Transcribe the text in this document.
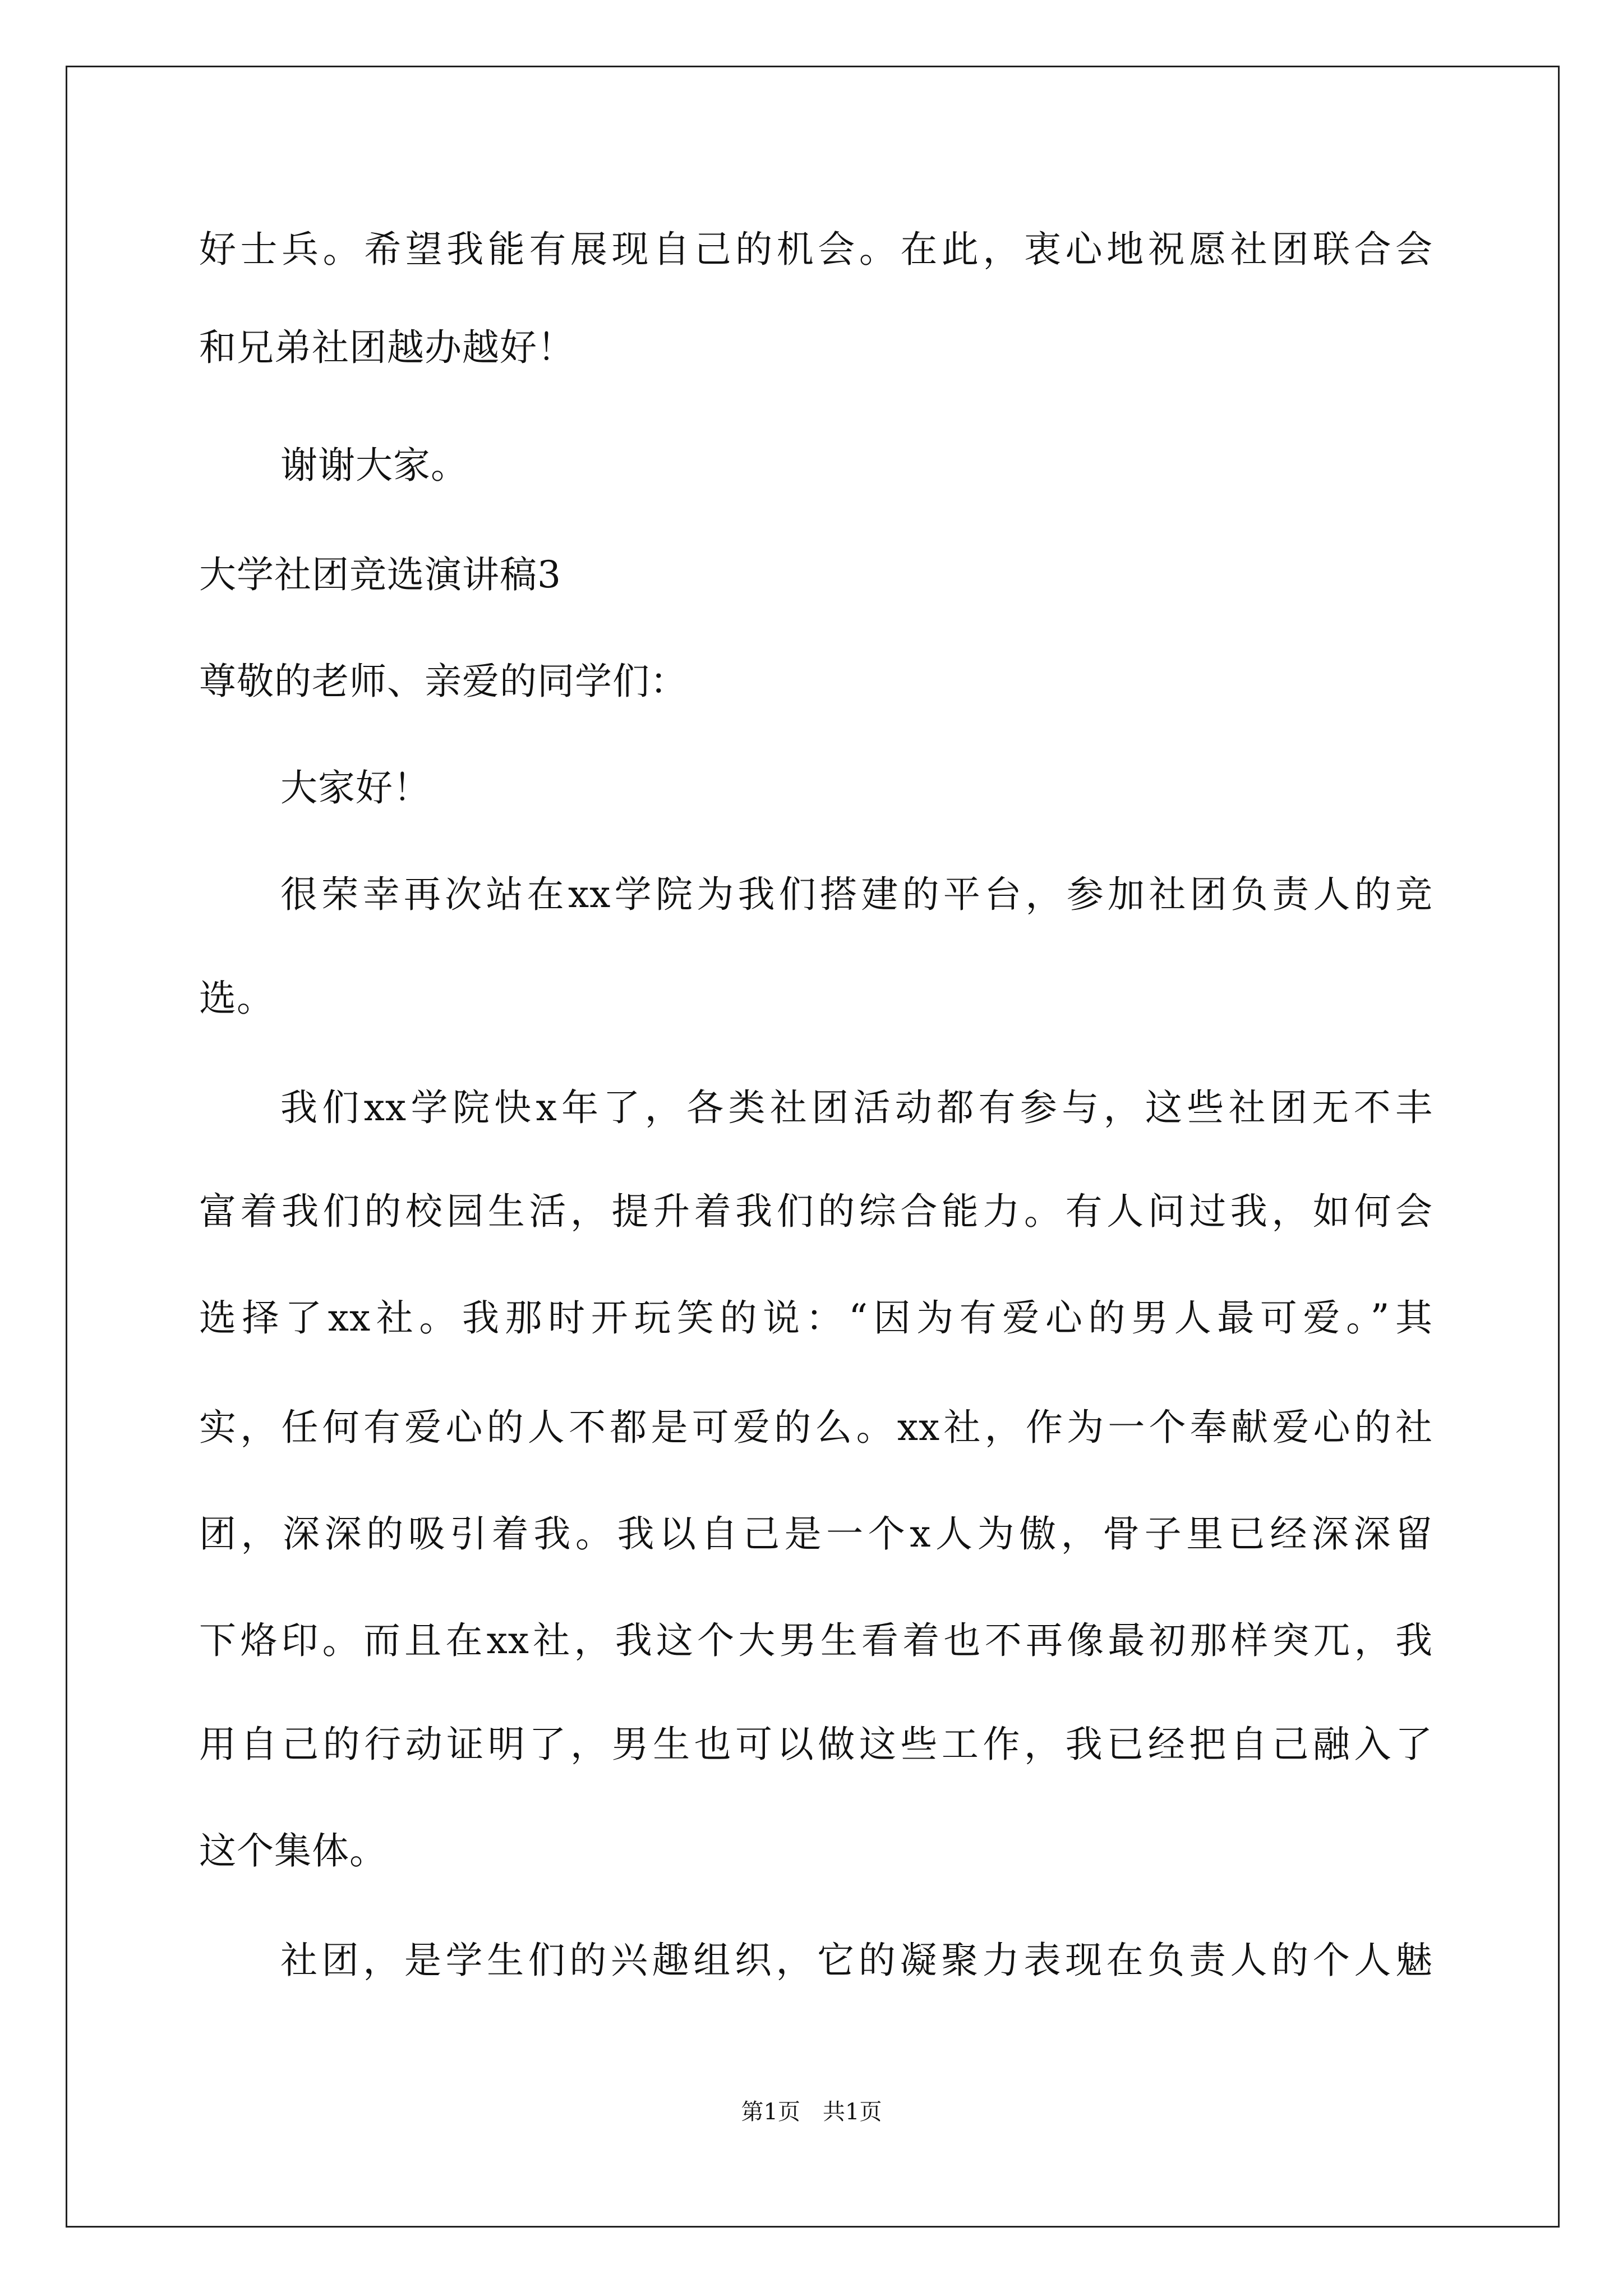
好士兵。希望我能有展现自己的机会。在此，衷心地祝愿社团联合会
和兄弟社团越办越好！
谢谢大家。
大学社团竞选演讲稿3
尊敬的老师、亲爱的同学们：
大家好！
很荣幸再次站在xx学院为我们搭建的平台，参加社团负责人的竞
选。
我们xx学院快x年了，各类社团活动都有参与，这些社团无不丰
富着我们的校园生活，提升着我们的综合能力。有人问过我，如何会
选择了xx社。我那时开玩笑的说：“因为有爱心的男人最可爱。”其
实，任何有爱心的人不都是可爱的么。xx社，作为一个奉献爱心的社
团，深深的吸引着我。我以自己是一个x人为傲，骨子里已经深深留
下烙印。而且在xx社，我这个大男生看着也不再像最初那样突兀，我
用自己的行动证明了，男生也可以做这些工作，我已经把自己融入了
这个集体。
社团，是学生们的兴趣组织，它的凝聚力表现在负责人的个人魅
第1页　共1页
